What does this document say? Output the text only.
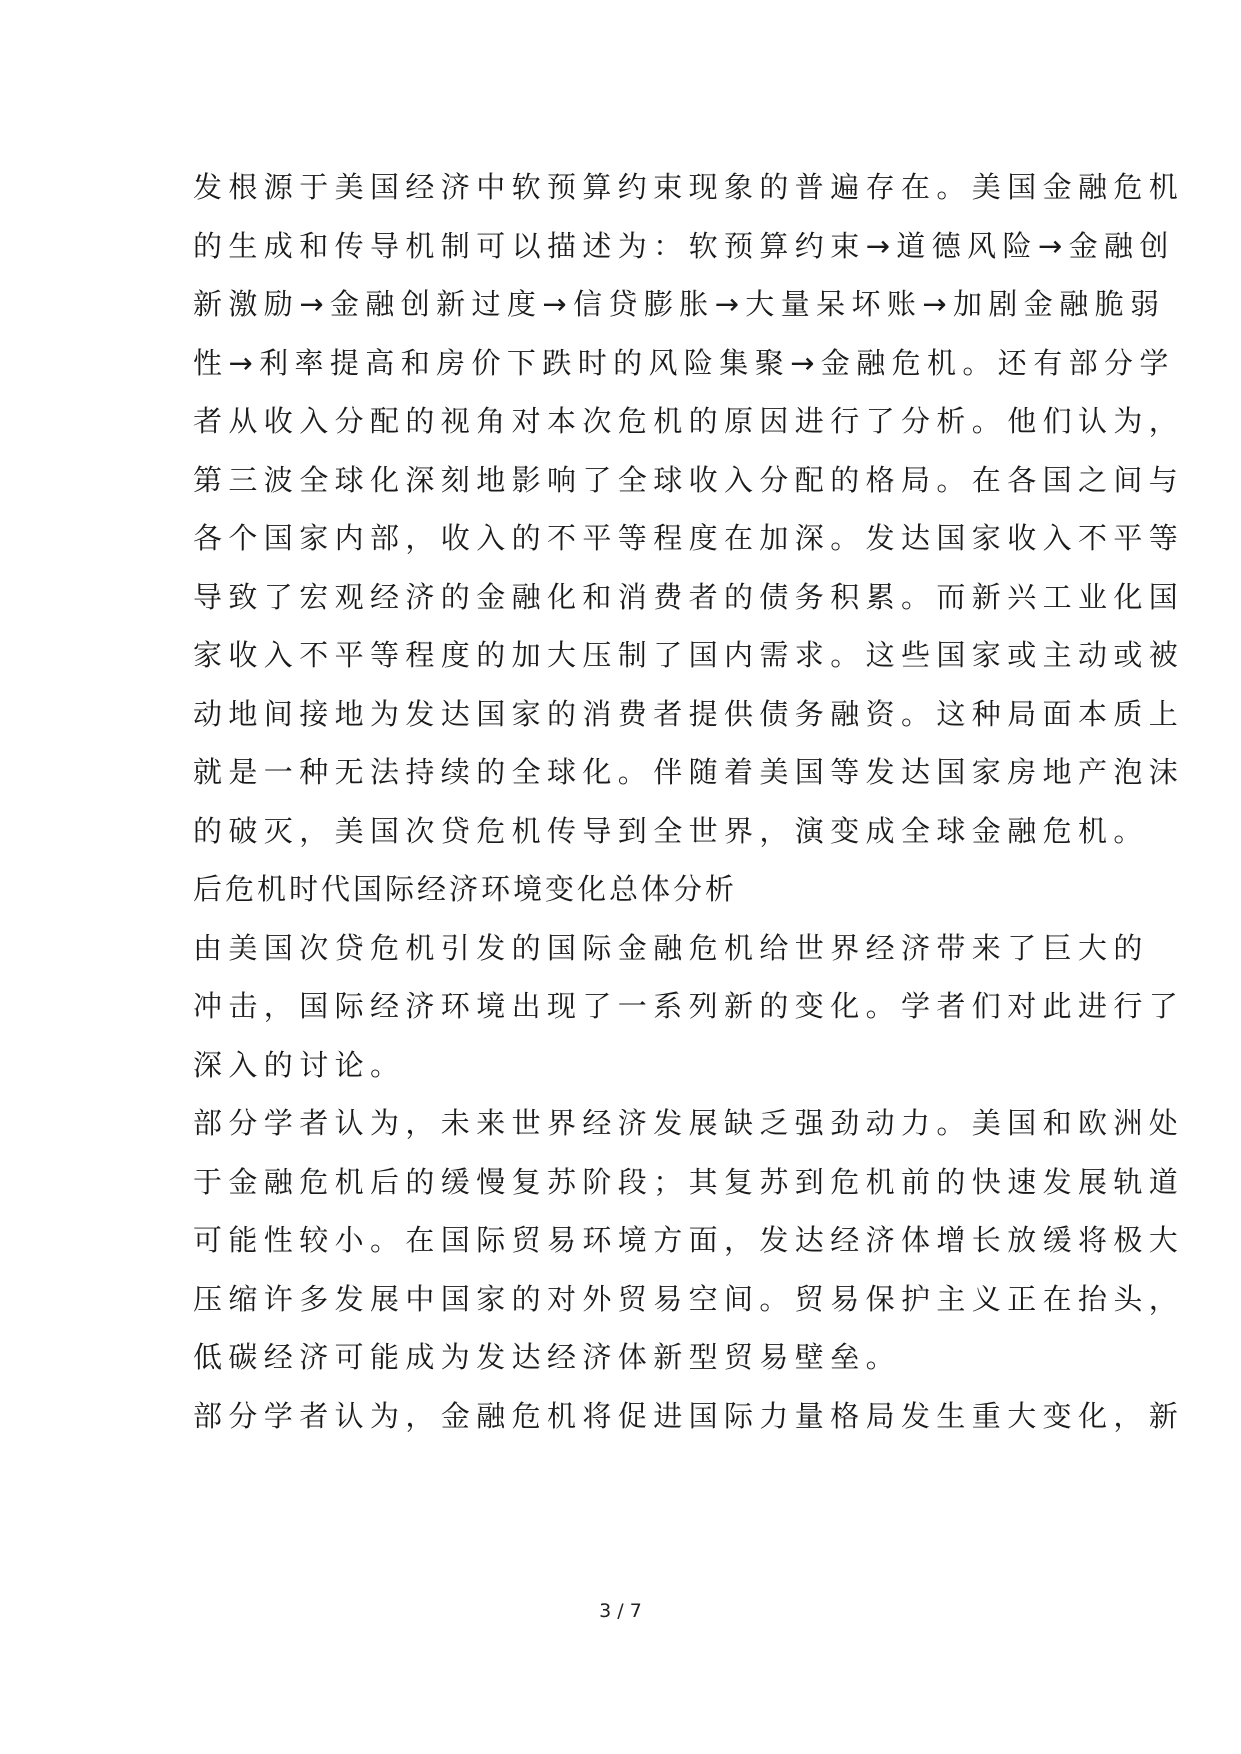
发根源于美国经济中软预算约束现象的普遍存在。美国金融危机
的生成和传导机制可以描述为：软预算约束→道德风险→金融创
新激励→金融创新过度→信贷膨胀→大量呆坏账→加剧金融脆弱
性→利率提高和房价下跌时的风险集聚→金融危机。还有部分学
者从收入分配的视角对本次危机的原因进行了分析。他们认为，
第三波全球化深刻地影响了全球收入分配的格局。在各国之间与
各个国家内部，收入的不平等程度在加深。发达国家收入不平等
导致了宏观经济的金融化和消费者的债务积累。而新兴工业化国
家收入不平等程度的加大压制了国内需求。这些国家或主动或被
动地间接地为发达国家的消费者提供债务融资。这种局面本质上
就是一种无法持续的全球化。伴随着美国等发达国家房地产泡沫
的破灭，美国次贷危机传导到全世界，演变成全球金融危机。
后危机时代国际经济环境变化总体分析
由美国次贷危机引发的国际金融危机给世界经济带来了巨大的
冲击，国际经济环境出现了一系列新的变化。学者们对此进行了
深入的讨论。
部分学者认为，未来世界经济发展缺乏强劲动力。美国和欧洲处
于金融危机后的缓慢复苏阶段；其复苏到危机前的快速发展轨道
可能性较小。在国际贸易环境方面，发达经济体增长放缓将极大
压缩许多发展中国家的对外贸易空间。贸易保护主义正在抬头，
低碳经济可能成为发达经济体新型贸易壁垒。
部分学者认为，金融危机将促进国际力量格局发生重大变化，新
3 / 7
